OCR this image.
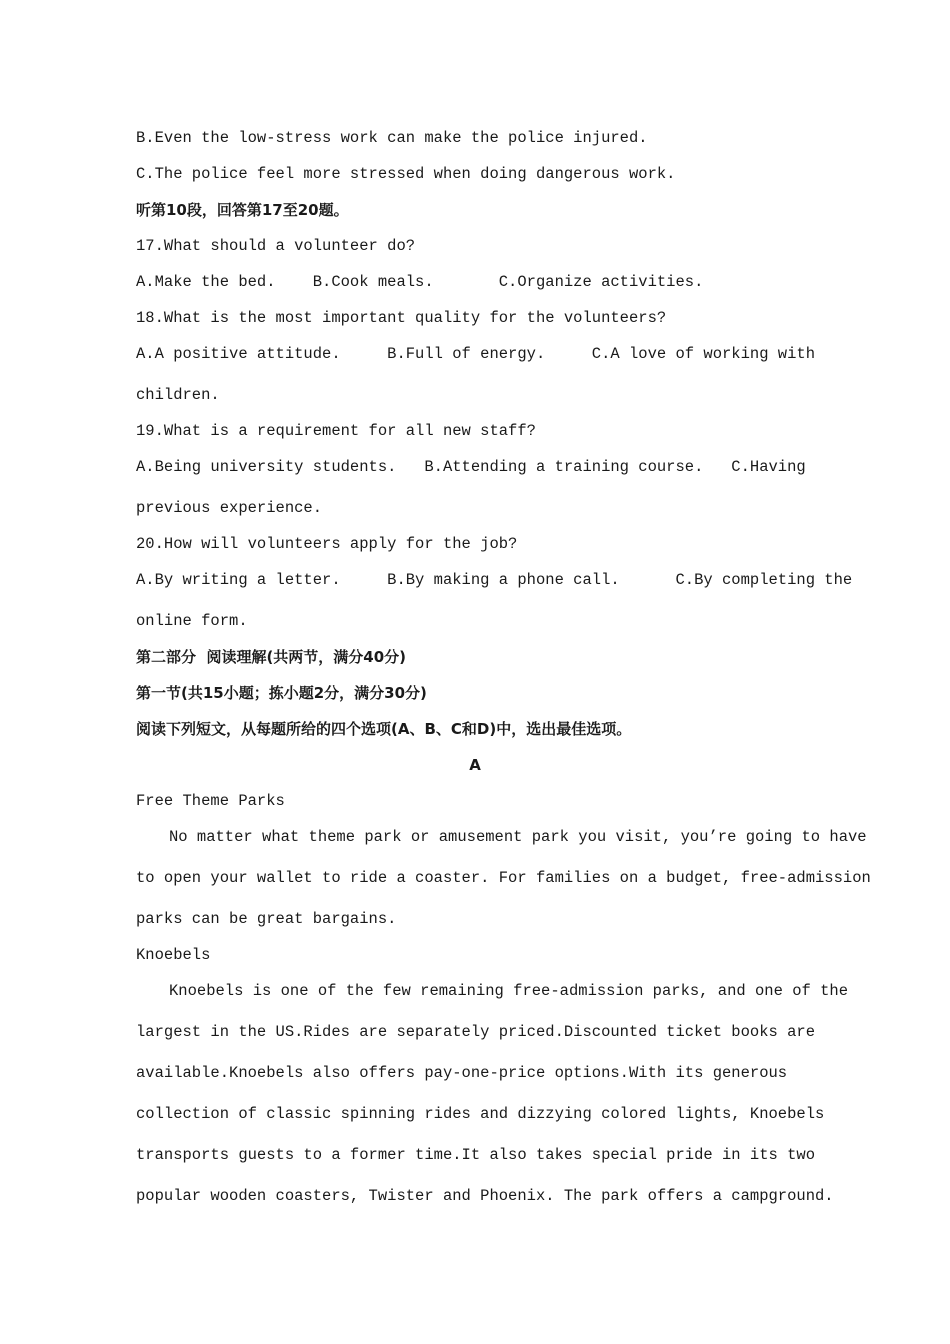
B.Even the low-stress work can make the police injured.
C.The police feel more stressed when doing dangerous work.
听第10段，回答第17至20题。
17.What should a volunteer do?
A.Make the bed.    B.Cook meals.       C.Organize activities.
18.What is the most important quality for the volunteers?
A.A positive attitude.     B.Full of energy.     C.A love of working with
children.
19.What is a requirement for all new staff?
A.Being university students.   B.Attending a training course.   C.Having
previous experience.
20.How will volunteers apply for the job?
A.By writing a letter.     B.By making a phone call.      C.By completing the
online form.
第二部分  阅读理解(共两节，满分40分)
第一节(共15小题；拣小题2分，满分30分)
阅读下列短文，从每题所给的四个选项(A、B、C和D)中，选出最佳选项。
A
Free Theme Parks
No matter what theme park or amusement park you visit, you’re going to have
to open your wallet to ride a coaster. For families on a budget, free-admission
parks can be great bargains.
Knoebels
Knoebels is one of the few remaining free-admission parks, and one of the
largest in the US.Rides are separately priced.Discounted ticket books are
available.Knoebels also offers pay-one-price options.With its generous
collection of classic spinning rides and dizzying colored lights, Knoebels
transports guests to a former time.It also takes special pride in its two
popular wooden coasters, Twister and Phoenix. The park offers a campground.
